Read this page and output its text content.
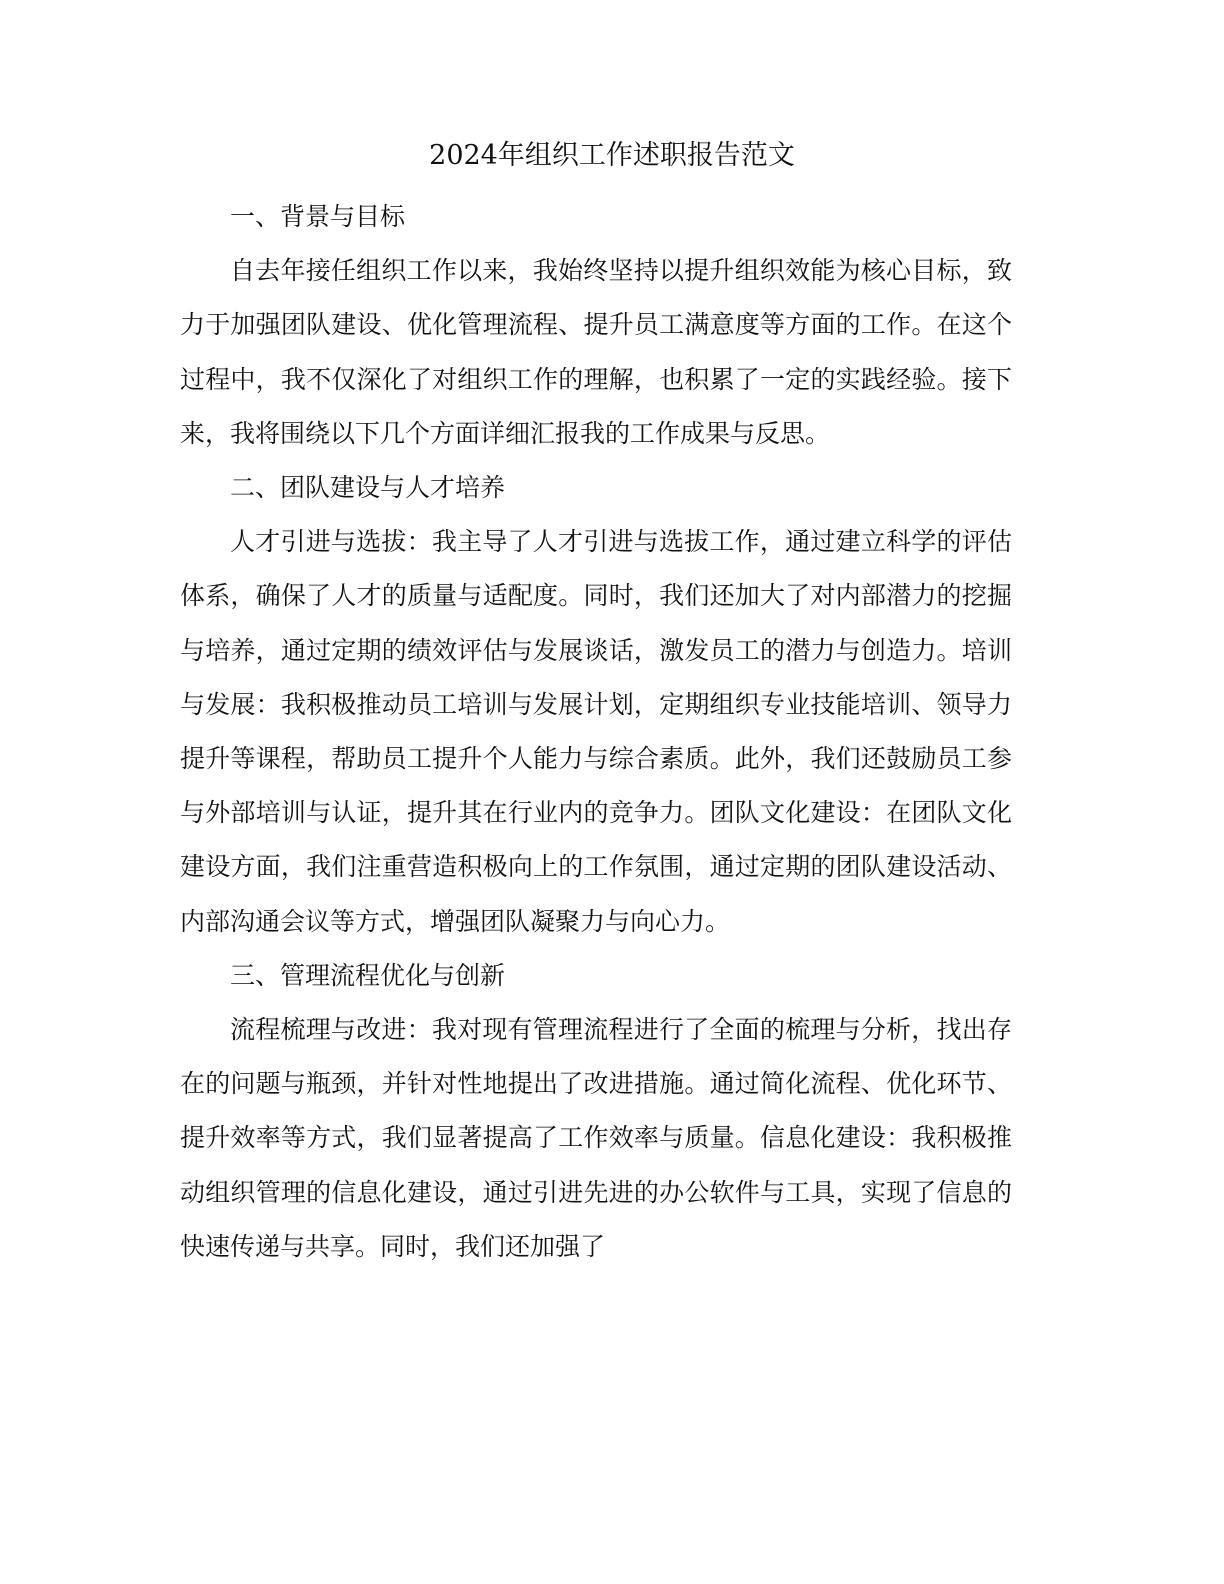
2024年组织工作述职报告范文

一、背景与目标

自去年接任组织工作以来，我始终坚持以提升组织效能为核心目标，致力于加强团队建设、优化管理流程、提升员工满意度等方面的工作。在这个过程中，我不仅深化了对组织工作的理解，也积累了一定的实践经验。接下来，我将围绕以下几个方面详细汇报我的工作成果与反思。

二、团队建设与人才培养

人才引进与选拔：我主导了人才引进与选拔工作，通过建立科学的评估体系，确保了人才的质量与适配度。同时，我们还加大了对内部潜力的挖掘与培养，通过定期的绩效评估与发展谈话，激发员工的潜力与创造力。培训与发展：我积极推动员工培训与发展计划，定期组织专业技能培训、领导力提升等课程，帮助员工提升个人能力与综合素质。此外，我们还鼓励员工参与外部培训与认证，提升其在行业内的竞争力。团队文化建设：在团队文化建设方面，我们注重营造积极向上的工作氛围，通过定期的团队建设活动、内部沟通会议等方式，增强团队凝聚力与向心力。

三、管理流程优化与创新

流程梳理与改进：我对现有管理流程进行了全面的梳理与分析，找出存在的问题与瓶颈，并针对性地提出了改进措施。通过简化流程、优化环节、提升效率等方式，我们显著提高了工作效率与质量。信息化建设：我积极推动组织管理的信息化建设，通过引进先进的办公软件与工具，实现了信息的快速传递与共享。同时，我们还加强了
